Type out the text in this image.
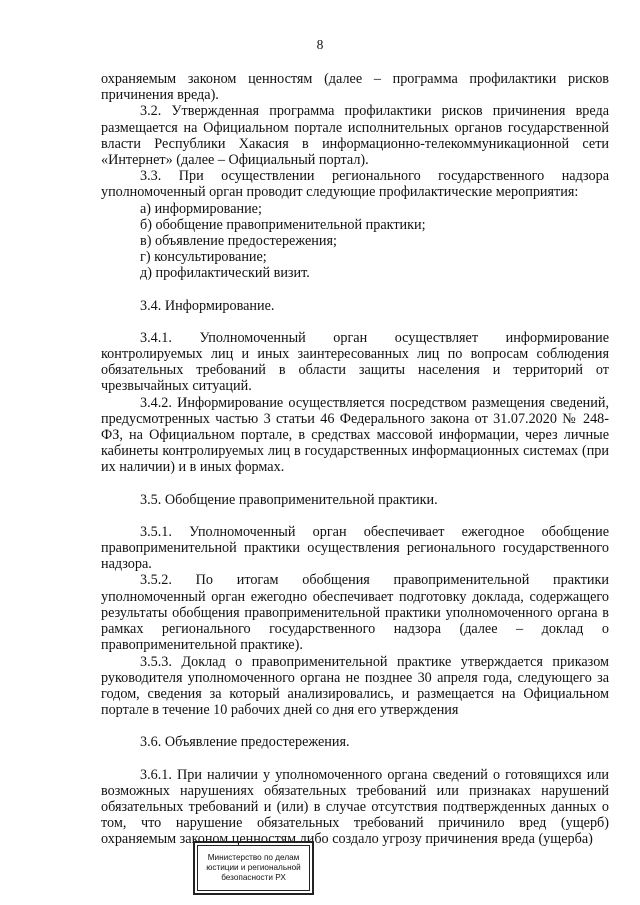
8

охраняемым законом ценностям (далее – программа профилактики рисков причинения вреда).

3.2. Утвержденная программа профилактики рисков причинения вреда размещается на Официальном портале исполнительных органов государственной власти Республики Хакасия в информационно-телекоммуникационной сети «Интернет» (далее – Официальный портал).

3.3. При осуществлении регионального государственного надзора уполномоченный орган проводит следующие профилактические мероприятия:

а) информирование;

б) обобщение правоприменительной практики;

в) объявление предостережения;

г) консультирование;

д) профилактический визит.

3.4. Информирование.

3.4.1. Уполномоченный орган осуществляет информирование контролируемых лиц и иных заинтересованных лиц по вопросам соблюдения обязательных требований в области защиты населения и территорий от чрезвычайных ситуаций.

3.4.2. Информирование осуществляется посредством размещения сведений, предусмотренных частью 3 статьи 46 Федерального закона от 31.07.2020 № 248-ФЗ, на Официальном портале, в средствах массовой информации, через личные кабинеты контролируемых лиц в государственных информационных системах (при их наличии) и в иных формах.

3.5. Обобщение правоприменительной практики.

3.5.1. Уполномоченный орган обеспечивает ежегодное обобщение правоприменительной практики осуществления регионального государственного надзора.

3.5.2. По итогам обобщения правоприменительной практики уполномоченный орган ежегодно обеспечивает подготовку доклада, содержащего результаты обобщения правоприменительной практики уполномоченного органа в рамках регионального государственного надзора (далее – доклад о правоприменительной практике).

3.5.3. Доклад о правоприменительной практике утверждается приказом руководителя уполномоченного органа не позднее 30 апреля года, следующего за годом, сведения за который анализировались, и размещается на Официальном портале в течение 10 рабочих дней со дня его утверждения

3.6. Объявление предостережения.

3.6.1. При наличии у уполномоченного органа сведений о готовящихся или возможных нарушениях обязательных требований или признаках нарушений обязательных требований и (или) в случае отсутствия подтвержденных данных о том, что нарушение обязательных требований причинило вред (ущерб) охраняемым законом ценностям либо создало угрозу причинения вреда (ущерба)

Министерство по делам
юстиции и региональной
безопасности РХ
